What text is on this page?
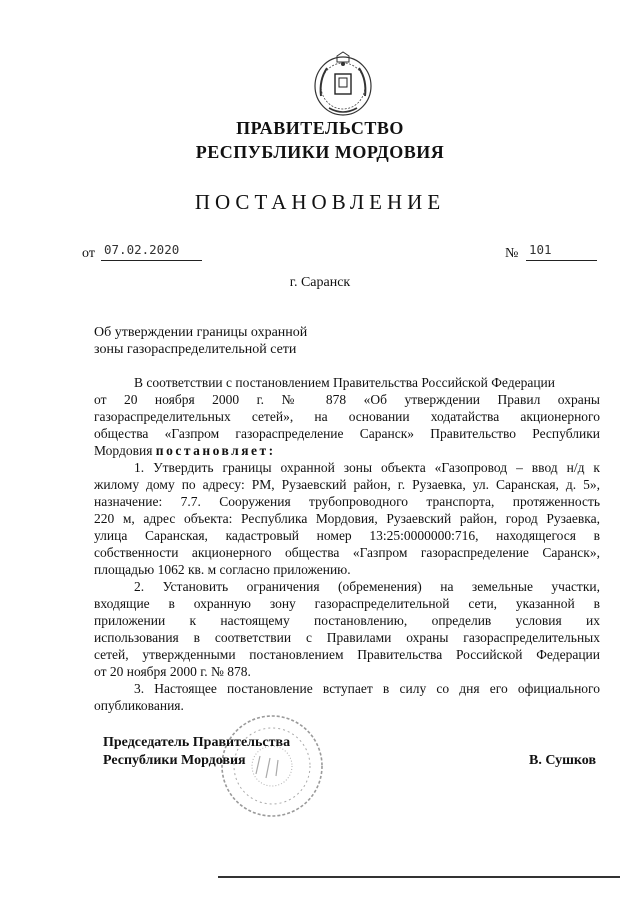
ПРАВИТЕЛЬСТВО
РЕСПУБЛИКИ МОРДОВИЯ
ПОСТАНОВЛЕНИЕ
от 07.02.2020	№ 101
г. Саранск
Об утверждении границы охранной
зоны газораспределительной сети
В соответствии с постановлением Правительства Российской Федерации
от 20 ноября 2000 г. № 878 «Об утверждении Правил охраны
газораспределительных сетей», на основании ходатайства акционерного
общества «Газпром газораспределение Саранск» Правительство Республики
Мордовия постановляет:
1. Утвердить границы охранной зоны объекта «Газопровод – ввод н/д к
жилому дому по адресу: РМ, Рузаевский район, г. Рузаевка, ул. Саранская, д. 5»,
назначение: 7.7. Сооружения трубопроводного транспорта, протяженность
220 м, адрес объекта: Республика Мордовия, Рузаевский район, город Рузаевка,
улица Саранская, кадастровый номер 13:25:0000000:716, находящегося в
собственности акционерного общества «Газпром газораспределение Саранск»,
площадью 1062 кв. м согласно приложению.
2. Установить ограничения (обременения) на земельные участки,
входящие в охранную зону газораспределительной сети, указанной в
приложении к настоящему постановлению, определив условия их
использования в соответствии с Правилами охраны газораспределительных
сетей, утвержденными постановлением Правительства Российской Федерации
от 20 ноября 2000 г. № 878.
3. Настоящее постановление вступает в силу со дня его официального
опубликования.
Председатель Правительства
Республики Мордовия	В. Сушков
